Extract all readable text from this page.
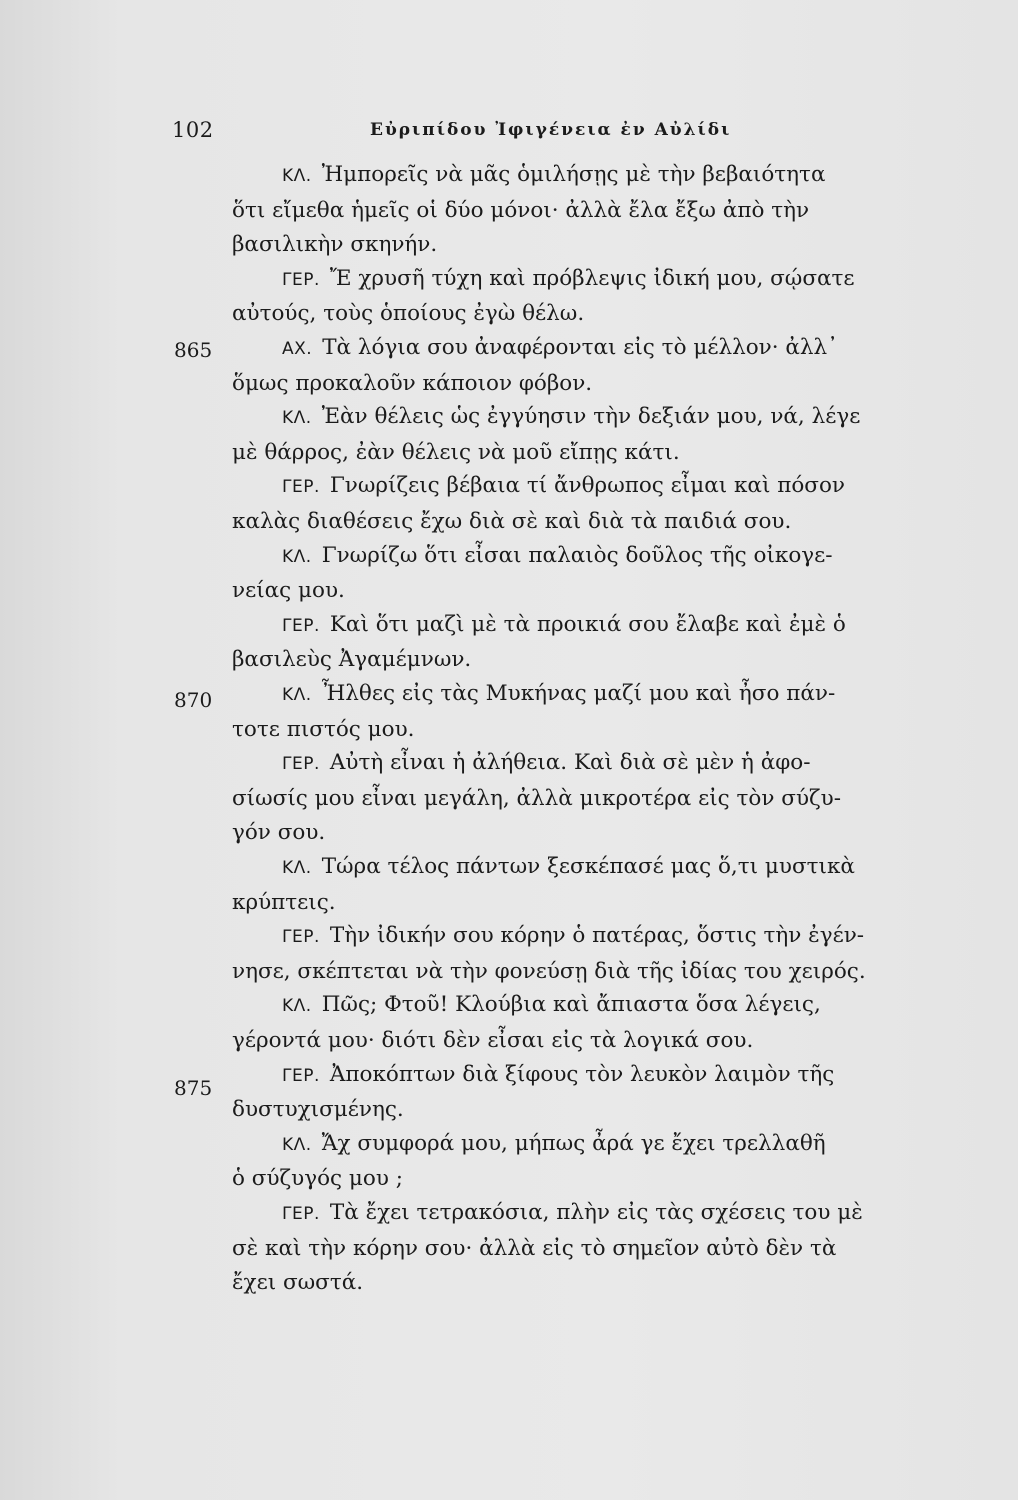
102	Εὐριπίδου Ἰφιγένεια ἐν Αὐλίδι
865
870
875
ΚΛ. Ἠμπορεῖς νὰ μᾶς ὁμιλήσῃς μὲ τὴν βεβαιότητα
ὅτι εἴμεθα ἡμεῖς οἱ δύο μόνοι· ἀλλὰ ἔλα ἔξω ἀπὸ τὴν
βασιλικὴν σκηνήν.
ΓΕΡ. Ἔ χρυσῆ τύχη καὶ πρόβλεψις ἰδική μου, σῴσατε
αὐτούς, τοὺς ὁποίους ἐγὼ θέλω.
ΑΧ. Τὰ λόγια σου ἀναφέρονται εἰς τὸ μέλλον· ἀλλ᾽
ὅμως προκαλοῦν κάποιον φόβον.
ΚΛ. Ἐὰν θέλεις ὡς ἐγγύησιν τὴν δεξιάν μου, νά, λέγε
μὲ θάρρος, ἐὰν θέλεις νὰ μοῦ εἴπῃς κάτι.
ΓΕΡ. Γνωρίζεις βέβαια τί ἄνθρωπος εἶμαι καὶ πόσον
καλὰς διαθέσεις ἔχω διὰ σὲ καὶ διὰ τὰ παιδιά σου.
ΚΛ. Γνωρίζω ὅτι εἶσαι παλαιὸς δοῦλος τῆς οἰκογε-
νείας μου.
ΓΕΡ. Καὶ ὅτι μαζὶ μὲ τὰ προικιά σου ἔλαβε καὶ ἐμὲ ὁ
βασιλεὺς Ἀγαμέμνων.
ΚΛ. Ἦλθες εἰς τὰς Μυκήνας μαζί μου καὶ ἦσο πάν-
τοτε πιστός μου.
ΓΕΡ. Αὐτὴ εἶναι ἡ ἀλήθεια. Καὶ διὰ σὲ μὲν ἡ ἀφο-
σίωσίς μου εἶναι μεγάλη, ἀλλὰ μικροτέρα εἰς τὸν σύζυ-
γόν σου.
ΚΛ. Τώρα τέλος πάντων ξεσκέπασέ μας ὅ,τι μυστικὰ
κρύπτεις.
ΓΕΡ. Τὴν ἰδικήν σου κόρην ὁ πατέρας, ὅστις τὴν ἐγέν-
νησε, σκέπτεται νὰ τὴν φονεύσῃ διὰ τῆς ἰδίας του χειρός.
ΚΛ. Πῶς; Φτοῦ! Κλούβια καὶ ἄπιαστα ὅσα λέγεις,
γέροντά μου· διότι δὲν εἶσαι εἰς τὰ λογικά σου.
ΓΕΡ. Ἀποκόπτων διὰ ξίφους τὸν λευκὸν λαιμὸν τῆς
δυστυχισμένης.
ΚΛ. Ἄχ συμφορά μου, μήπως ἆρά γε ἔχει τρελλαθῆ
ὁ σύζυγός μου ;
ΓΕΡ. Τὰ ἔχει τετρακόσια, πλὴν εἰς τὰς σχέσεις του μὲ
σὲ καὶ τὴν κόρην σου· ἀλλὰ εἰς τὸ σημεῖον αὐτὸ δὲν τὰ
ἔχει σωστά.
